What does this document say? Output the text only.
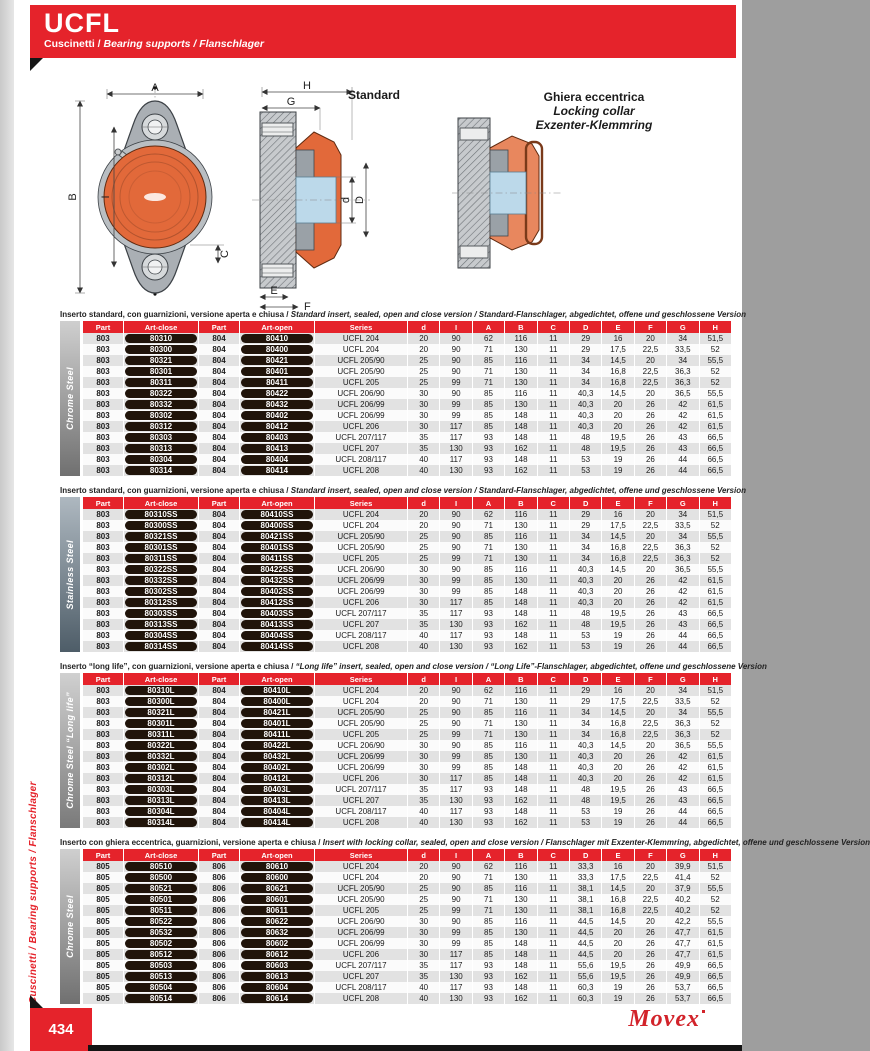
UCFL
Cuscinetti / Bearing supports / Flanschlager
Cuscinetti / Bearing supports / Flanschlager
A
B I
C
H
G
d D
E
F
Standard	Ghiera eccentrica
Locking collar
Exzenter-Klemmring
Inserto standard, con guarnizioni, versione aperta e chiusa / Standard insert, sealed, open and close version / Standard-Flanschlager, abgedichtet, offene und geschlossene Version
Chrome Steel
Part	Art-close	Part	Art-open	Series	d	I	A	B	C	D	E	F	G	H
803	80310	804	80410	UCFL 204	20	90	62	116	11	29	16	20	34	51,5
803	80300	804	80400	UCFL 204	20	90	71	130	11	29	17,5	22,5	33,5	52
803	80321	804	80421	UCFL 205/90	25	90	85	116	11	34	14,5	20	34	55,5
803	80301	804	80401	UCFL 205/90	25	90	71	130	11	34	16,8	22,5	36,3	52
803	80311	804	80411	UCFL 205	25	99	71	130	11	34	16,8	22,5	36,3	52
803	80322	804	80422	UCFL 206/90	30	90	85	116	11	40,3	14,5	20	36,5	55,5
803	80332	804	80432	UCFL 206/99	30	99	85	130	11	40,3	20	26	42	61,5
803	80302	804	80402	UCFL 206/99	30	99	85	148	11	40,3	20	26	42	61,5
803	80312	804	80412	UCFL 206	30	117	85	148	11	40,3	20	26	42	61,5
803	80303	804	80403	UCFL 207/117	35	117	93	148	11	48	19,5	26	43	66,5
803	80313	804	80413	UCFL 207	35	130	93	162	11	48	19,5	26	43	66,5
803	80304	804	80404	UCFL 208/117	40	117	93	148	11	53	19	26	44	66,5
803	80314	804	80414	UCFL 208	40	130	93	162	11	53	19	26	44	66,5
Inserto standard, con guarnizioni, versione aperta e chiusa / Standard insert, sealed, open and close version / Standard-Flanschlager, abgedichtet, offene und geschlossene Version
Stainless Steel
Part	Art-close	Part	Art-open	Series	d	I	A	B	C	D	E	F	G	H
803	80310SS	804	80410SS	UCFL 204	20	90	62	116	11	29	16	20	34	51,5
803	80300SS	804	80400SS	UCFL 204	20	90	71	130	11	29	17,5	22,5	33,5	52
803	80321SS	804	80421SS	UCFL 205/90	25	90	85	116	11	34	14,5	20	34	55,5
803	80301SS	804	80401SS	UCFL 205/90	25	90	71	130	11	34	16,8	22,5	36,3	52
803	80311SS	804	80411SS	UCFL 205	25	99	71	130	11	34	16,8	22,5	36,3	52
803	80322SS	804	80422SS	UCFL 206/90	30	90	85	116	11	40,3	14,5	20	36,5	55,5
803	80332SS	804	80432SS	UCFL 206/99	30	99	85	130	11	40,3	20	26	42	61,5
803	80302SS	804	80402SS	UCFL 206/99	30	99	85	148	11	40,3	20	26	42	61,5
803	80312SS	804	80412SS	UCFL 206	30	117	85	148	11	40,3	20	26	42	61,5
803	80303SS	804	80403SS	UCFL 207/117	35	117	93	148	11	48	19,5	26	43	66,5
803	80313SS	804	80413SS	UCFL 207	35	130	93	162	11	48	19,5	26	43	66,5
803	80304SS	804	80404SS	UCFL 208/117	40	117	93	148	11	53	19	26	44	66,5
803	80314SS	804	80414SS	UCFL 208	40	130	93	162	11	53	19	26	44	66,5
Inserto “long life”, con guarnizioni, versione aperta e chiusa / “Long life” insert, sealed, open and close version / “Long Life”-Flanschlager, abgedichtet, offene und geschlossene Version
Chrome Steel “Long life”
Part	Art-close	Part	Art-open	Series	d	I	A	B	C	D	E	F	G	H
803	80310L	804	80410L	UCFL 204	20	90	62	116	11	29	16	20	34	51,5
803	80300L	804	80400L	UCFL 204	20	90	71	130	11	29	17,5	22,5	33,5	52
803	80321L	804	80421L	UCFL 205/90	25	90	85	116	11	34	14,5	20	34	55,5
803	80301L	804	80401L	UCFL 205/90	25	90	71	130	11	34	16,8	22,5	36,3	52
803	80311L	804	80411L	UCFL 205	25	99	71	130	11	34	16,8	22,5	36,3	52
803	80322L	804	80422L	UCFL 206/90	30	90	85	116	11	40,3	14,5	20	36,5	55,5
803	80332L	804	80432L	UCFL 206/99	30	99	85	130	11	40,3	20	26	42	61,5
803	80302L	804	80402L	UCFL 206/99	30	99	85	148	11	40,3	20	26	42	61,5
803	80312L	804	80412L	UCFL 206	30	117	85	148	11	40,3	20	26	42	61,5
803	80303L	804	80403L	UCFL 207/117	35	117	93	148	11	48	19,5	26	43	66,5
803	80313L	804	80413L	UCFL 207	35	130	93	162	11	48	19,5	26	43	66,5
803	80304L	804	80404L	UCFL 208/117	40	117	93	148	11	53	19	26	44	66,5
803	80314L	804	80414L	UCFL 208	40	130	93	162	11	53	19	26	44	66,5
Inserto con ghiera eccentrica, guarnizioni, versione aperta e chiusa / Insert with locking collar, sealed, open and close version / Flanschlager mit Exzenter-Klemmring, abgedichtet, offene und geschlossene Version
Chrome Steel
Part	Art-close	Part	Art-open	Series	d	I	A	B	C	D	E	F	G	H
805	80510	806	80610	UCFL 204	20	90	62	116	11	33,3	16	20	39,9	51,5
805	80500	806	80600	UCFL 204	20	90	71	130	11	33,3	17,5	22,5	41,4	52
805	80521	806	80621	UCFL 205/90	25	90	85	116	11	38,1	14,5	20	37,9	55,5
805	80501	806	80601	UCFL 205/90	25	90	71	130	11	38,1	16,8	22,5	40,2	52
805	80511	806	80611	UCFL 205	25	99	71	130	11	38,1	16,8	22,5	40,2	52
805	80522	806	80622	UCFL 206/90	30	90	85	116	11	44,5	14,5	20	42,2	55,5
805	80532	806	80632	UCFL 206/99	30	99	85	130	11	44,5	20	26	47,7	61,5
805	80502	806	80602	UCFL 206/99	30	99	85	148	11	44,5	20	26	47,7	61,5
805	80512	806	80612	UCFL 206	30	117	85	148	11	44,5	20	26	47,7	61,5
805	80503	806	80603	UCFL 207/117	35	117	93	148	11	55,6	19,5	26	49,9	66,5
805	80513	806	80613	UCFL 207	35	130	93	162	11	55,6	19,5	26	49,9	66,5
805	80504	806	80604	UCFL 208/117	40	117	93	148	11	60,3	19	26	53,7	66,5
805	80514	806	80614	UCFL 208	40	130	93	162	11	60,3	19	26	53,7	66,5
434	Movex
